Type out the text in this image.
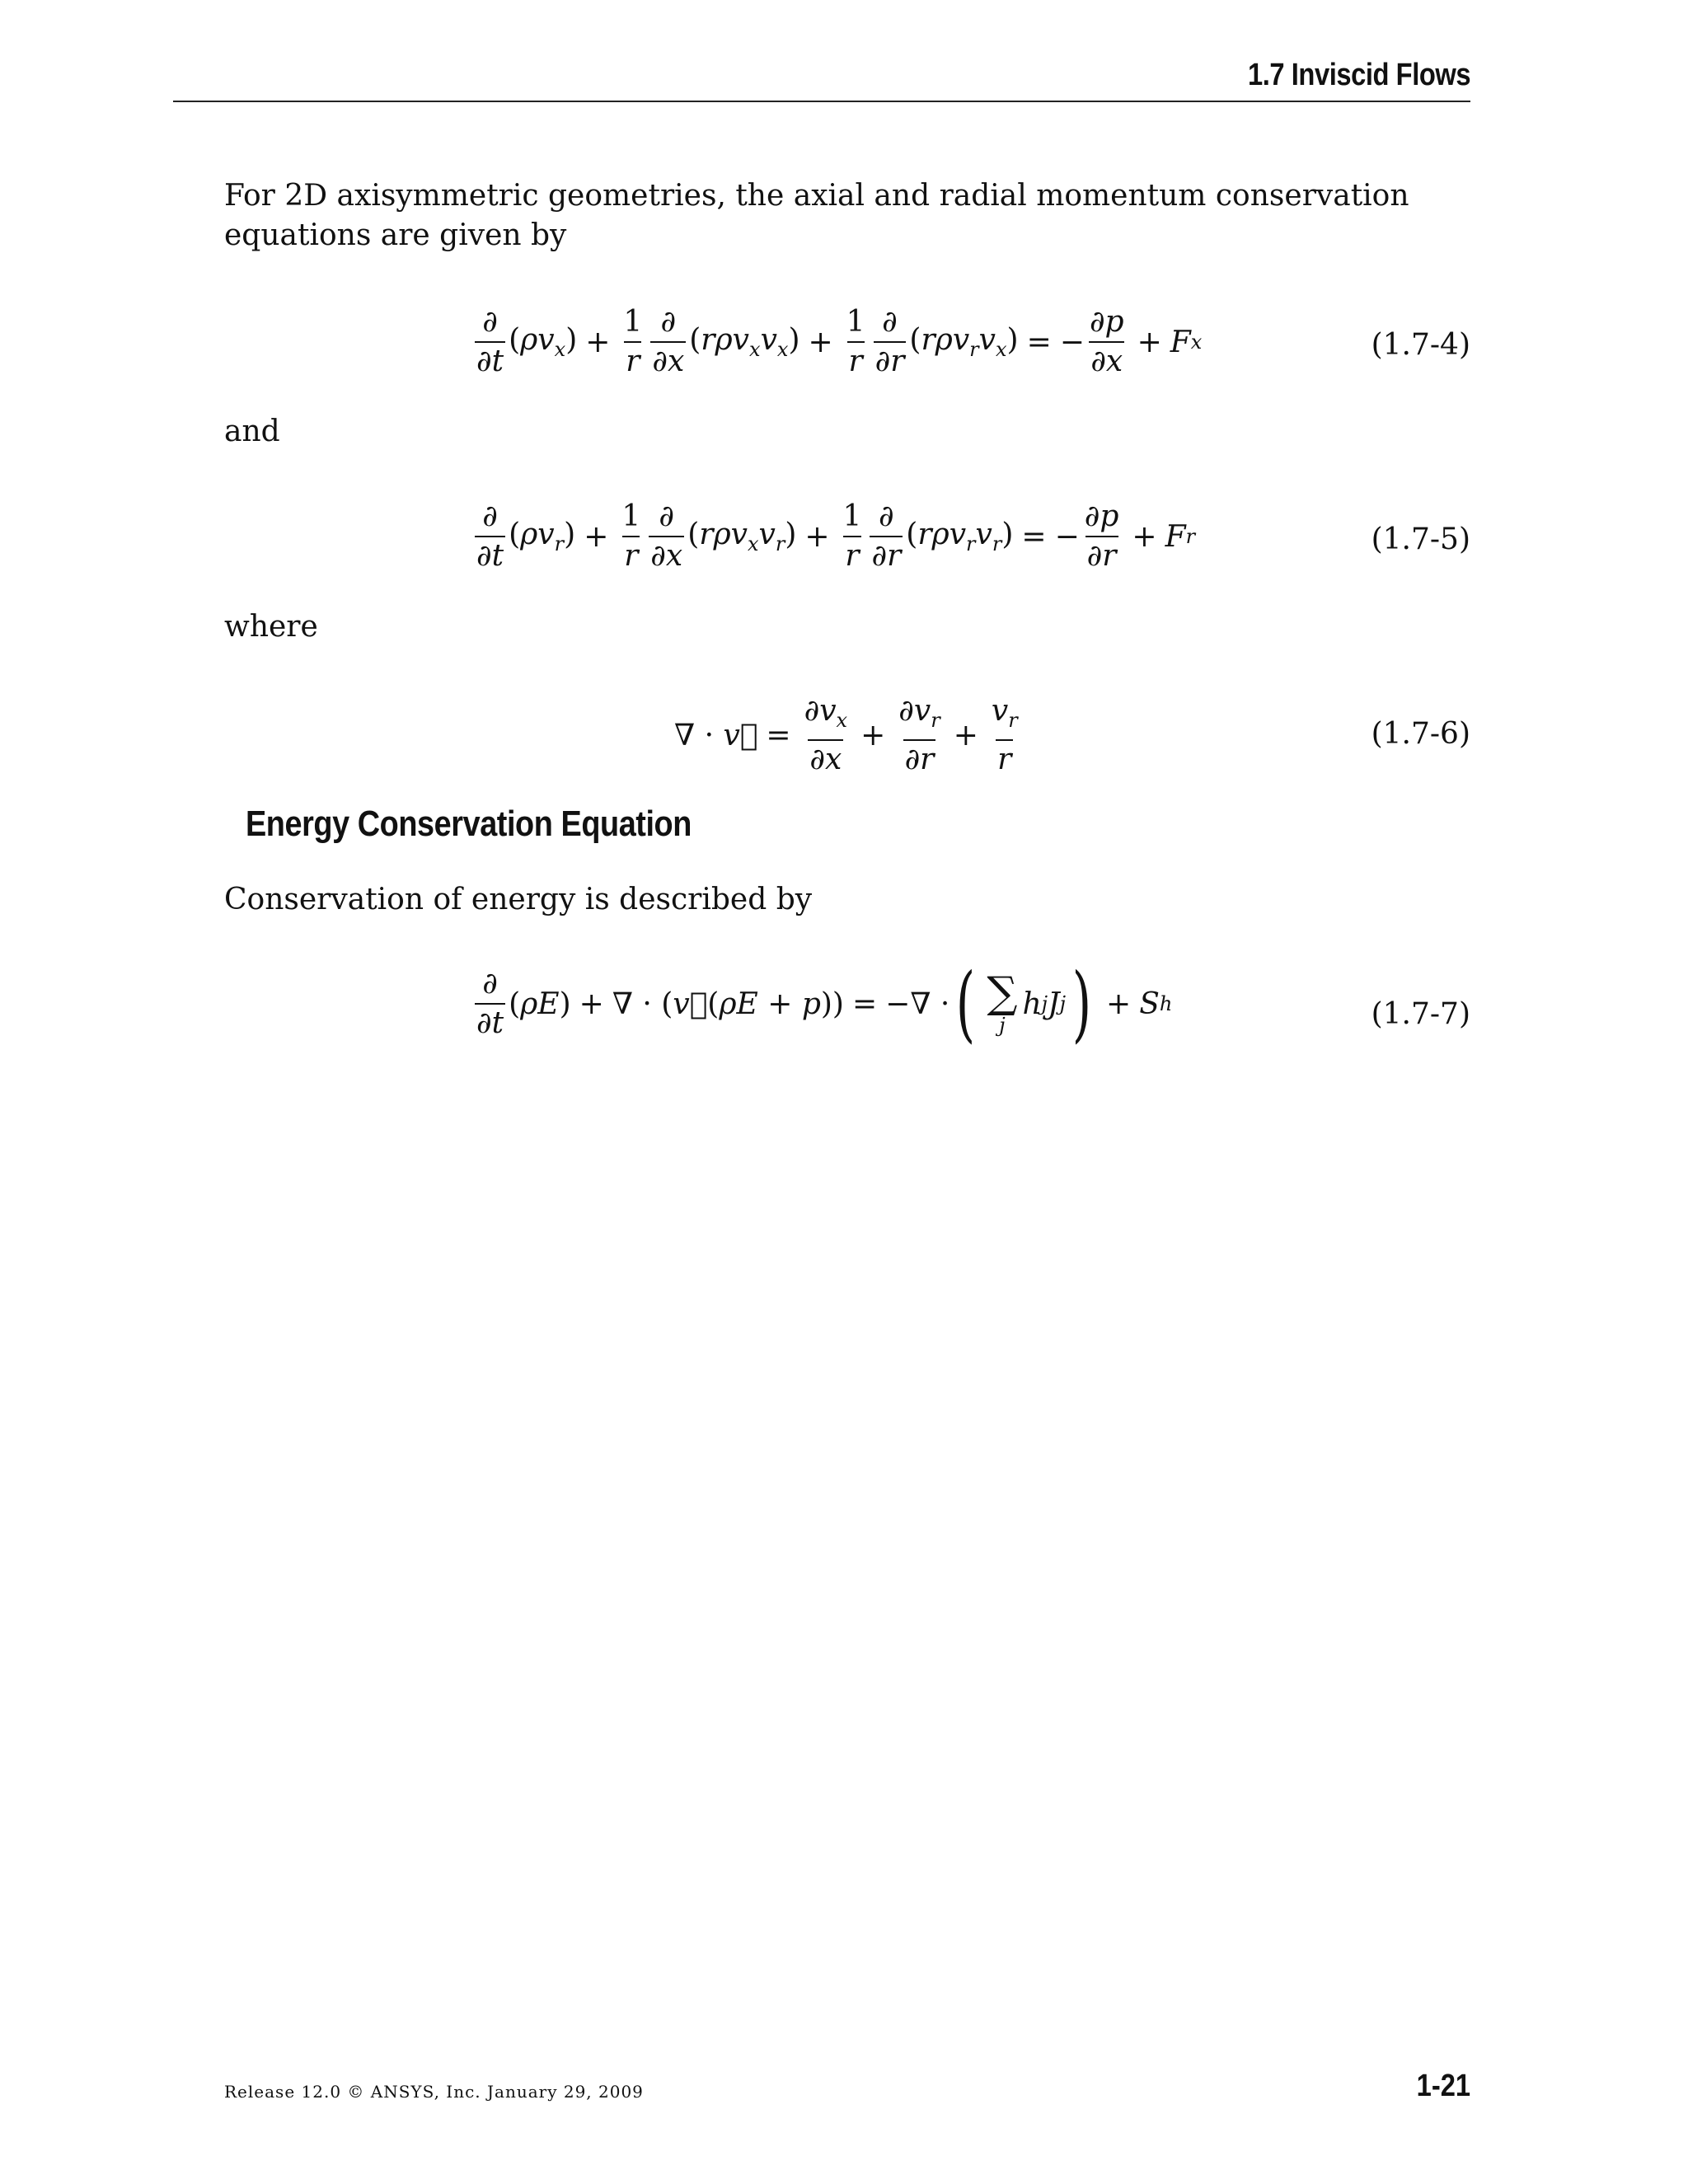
1.7 Inviscid Flows
For 2D axisymmetric geometries, the axial and radial momentum conservation equations are given by
$\frac{\partial}{\partial t} (\rho v_x) + \frac{1}{r} \frac{\partial}{\partial x} (r\rho v_xv_x) + \frac{1}{r} \frac{\partial}{\partial r} (r\rho v_rv_x)$ = − $\frac{\partial p}{\partial x} + F$ x	(1.7-4)
and
$\frac{\partial}{\partial t} (\rho v_r) + \frac{1}{r} \frac{\partial}{\partial x} (r\rho v_xv_r) + \frac{1}{r} \frac{\partial}{\partial r} (r\rho v_rv_r)$ = − $\frac{\partial p}{\partial r} + F$ r	(1.7-5)
where
∇ · v⃗ = $\frac{\partial v_x}{\partial x} + \frac{\partial v_r}{\partial r} + \frac{v_r}{r}$	(1.7-6)
Energy Conservation Equation
Conservation of energy is described by
$\frac{\partial}{\partial t} (\rho E)$ + ∇ · (v⃗(ρE + p)) = −∇ · ( ∑
j
h j J j ) + S h	(1.7-7)
Release 12.0 © ANSYS, Inc. January 29, 2009	1-21
